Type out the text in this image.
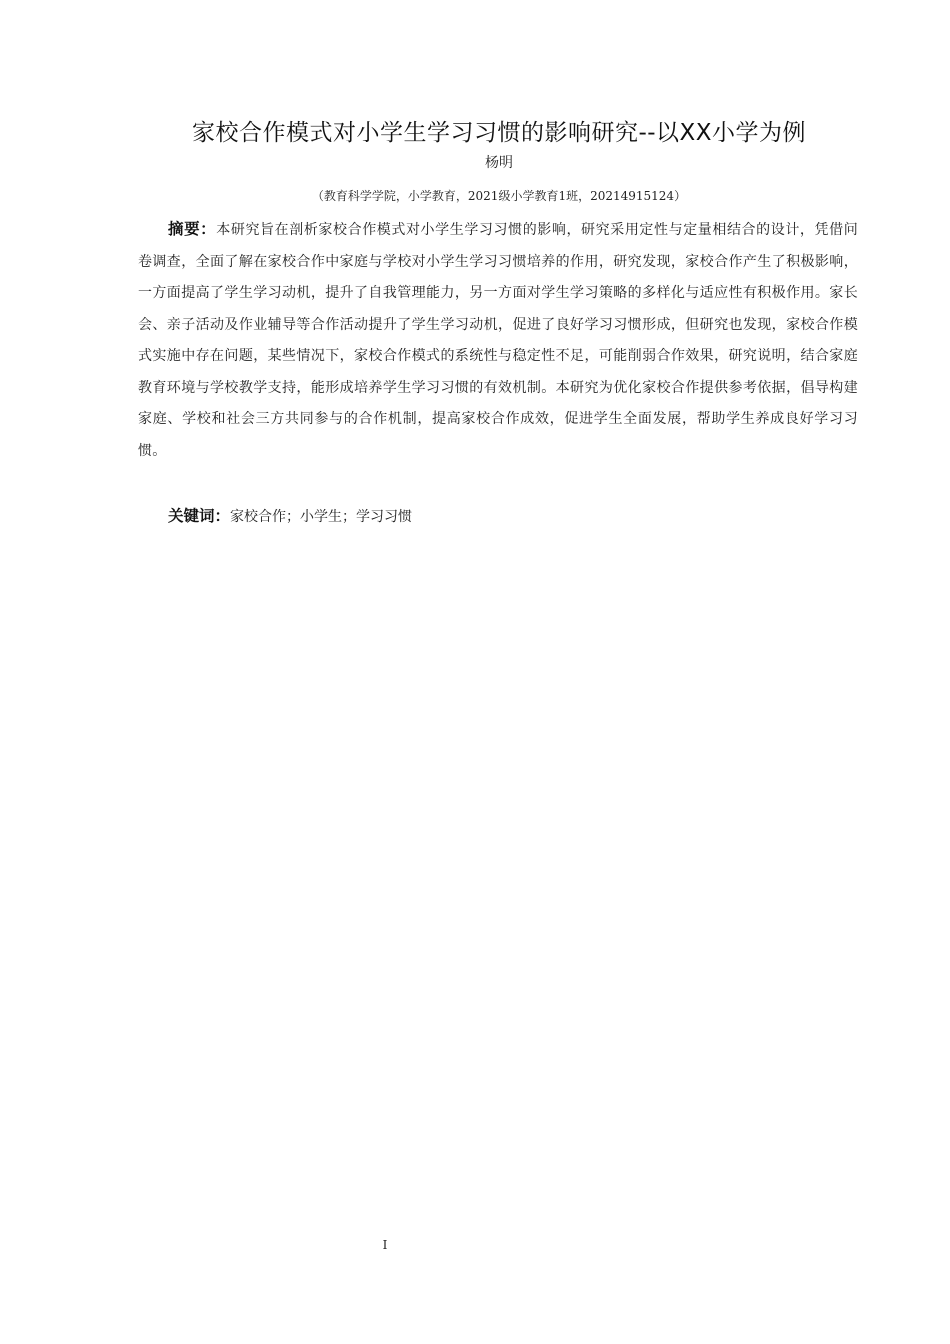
家校合作模式对小学生学习习惯的影响研究--以XX小学为例
杨明
（教育科学学院，小学教育，2021级小学教育1班，20214915124）
摘要：本研究旨在剖析家校合作模式对小学生学习习惯的影响，研究采用定性与定量相结合的设计，凭借问卷调查，全面了解在家校合作中家庭与学校对小学生学习习惯培养的作用，研究发现，家校合作产生了积极影响，一方面提高了学生学习动机，提升了自我管理能力，另一方面对学生学习策略的多样化与适应性有积极作用。家长会、亲子活动及作业辅导等合作活动提升了学生学习动机，促进了良好学习习惯形成，但研究也发现，家校合作模式实施中存在问题，某些情况下，家校合作模式的系统性与稳定性不足，可能削弱合作效果，研究说明，结合家庭教育环境与学校教学支持，能形成培养学生学习习惯的有效机制。本研究为优化家校合作提供参考依据，倡导构建家庭、学校和社会三方共同参与的合作机制，提高家校合作成效，促进学生全面发展，帮助学生养成良好学习习惯。
关键词：家校合作；小学生；学习习惯
I
